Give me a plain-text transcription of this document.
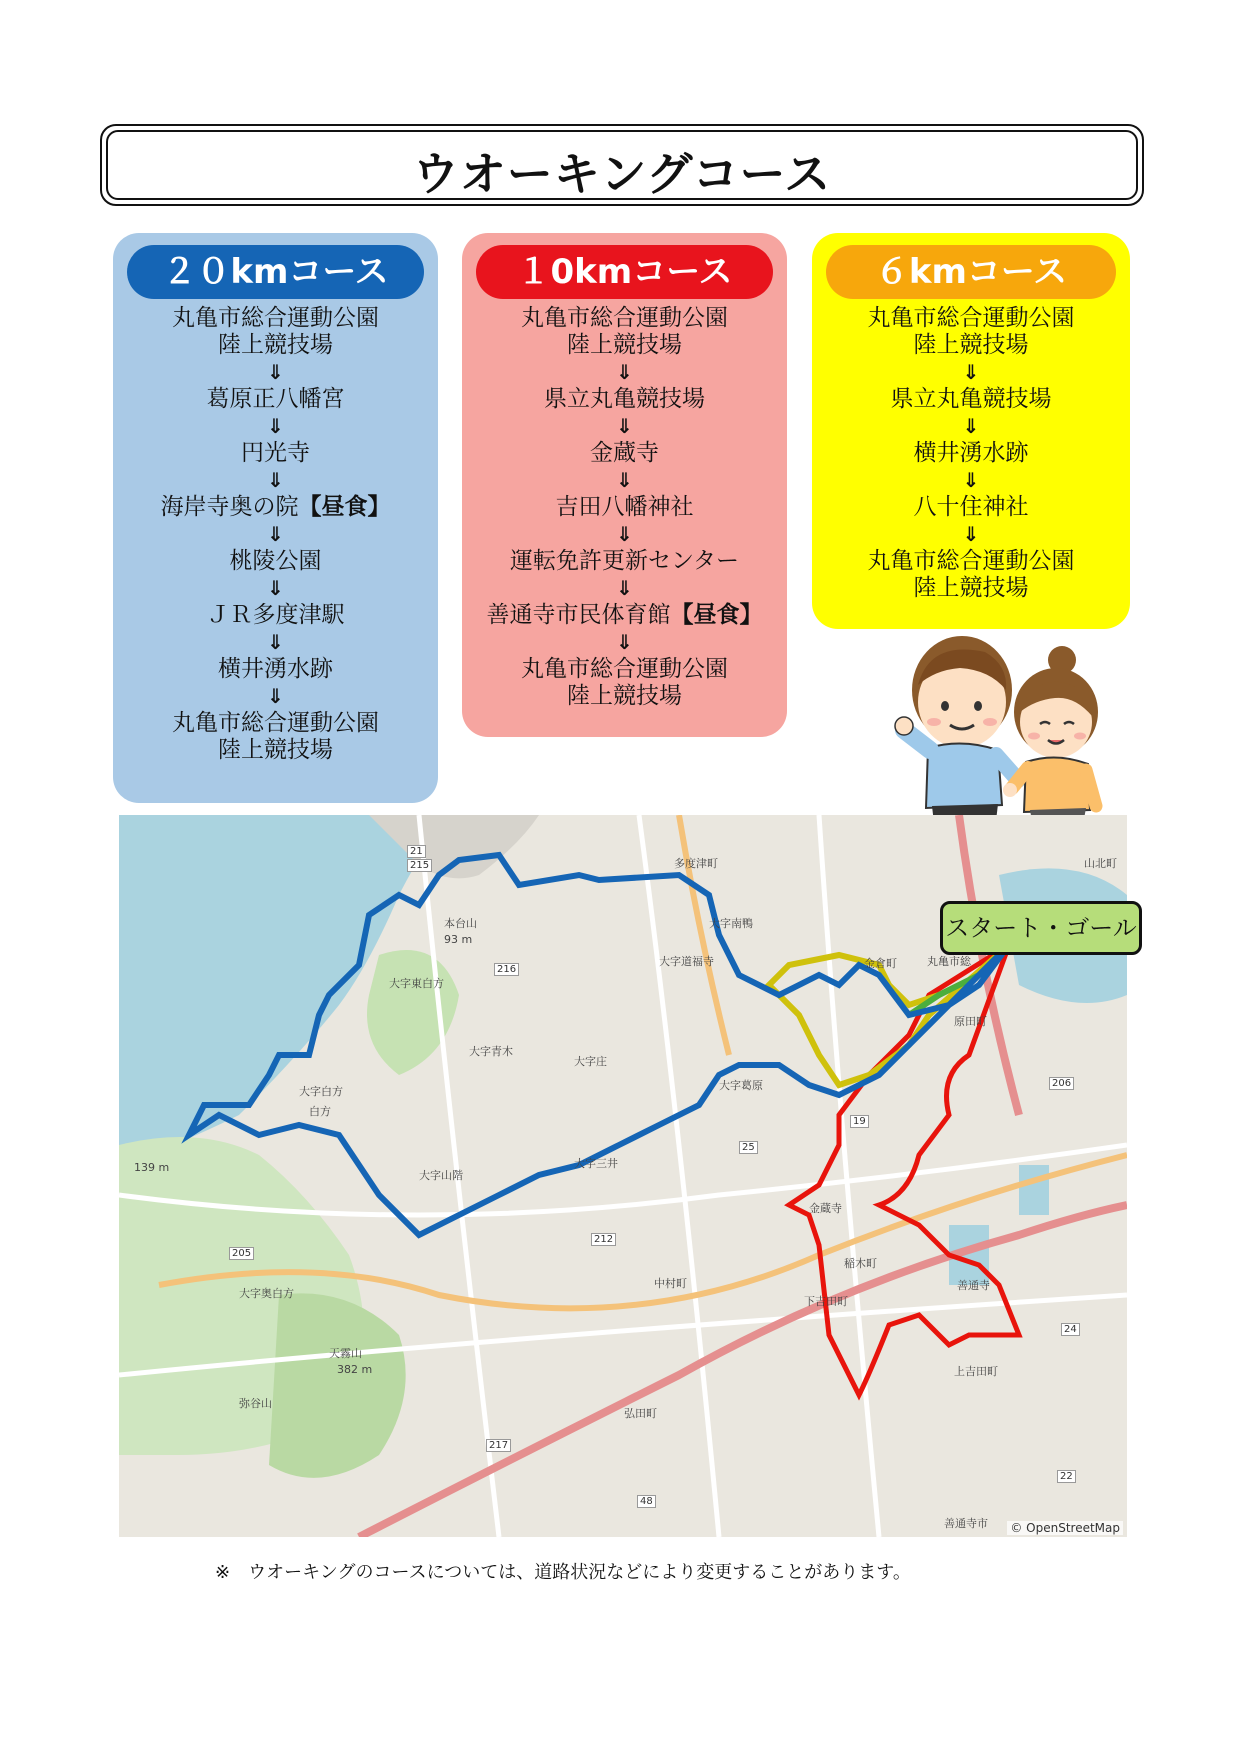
ウオーキングコース
２０kmコース
丸亀市総合運動公園
陸上競技場
⇓
葛原正八幡宮
⇓
円光寺
⇓
海岸寺奥の院【昼食】
⇓
桃陵公園
⇓
ＪＲ多度津駅
⇓
横井湧水跡
⇓
丸亀市総合運動公園
陸上競技場
１0kmコース
丸亀市総合運動公園
陸上競技場
⇓
県立丸亀競技場
⇓
金蔵寺
⇓
吉田八幡神社
⇓
運転免許更新センター
⇓
善通寺市民体育館【昼食】
⇓
丸亀市総合運動公園
陸上競技場
６kmコース
丸亀市総合運動公園
陸上競技場
⇓
県立丸亀競技場
⇓
横井湧水跡
⇓
八十住神社
⇓
丸亀市総合運動公園
陸上競技場
多度津町
大字南鴨
大字道福寺	金倉町	丸亀市総
原田町
大字東白方
本台山
93 m
大字青木
大字庄
大字葛原
大字白方
白方
大字三井
大字山階
金蔵寺
稲木町
善通寺
中村町
下吉田町
上吉田町
大字奥白方
天霧山
382 m
弥谷山
弘田町
139 m
善通寺市
山北町
21
215
216
205
212
217
25
206
48
24
22
19
© OpenStreetMap
スタート・ゴール
※　ウオーキングのコースについては、道路状況などにより変更することがあります。
